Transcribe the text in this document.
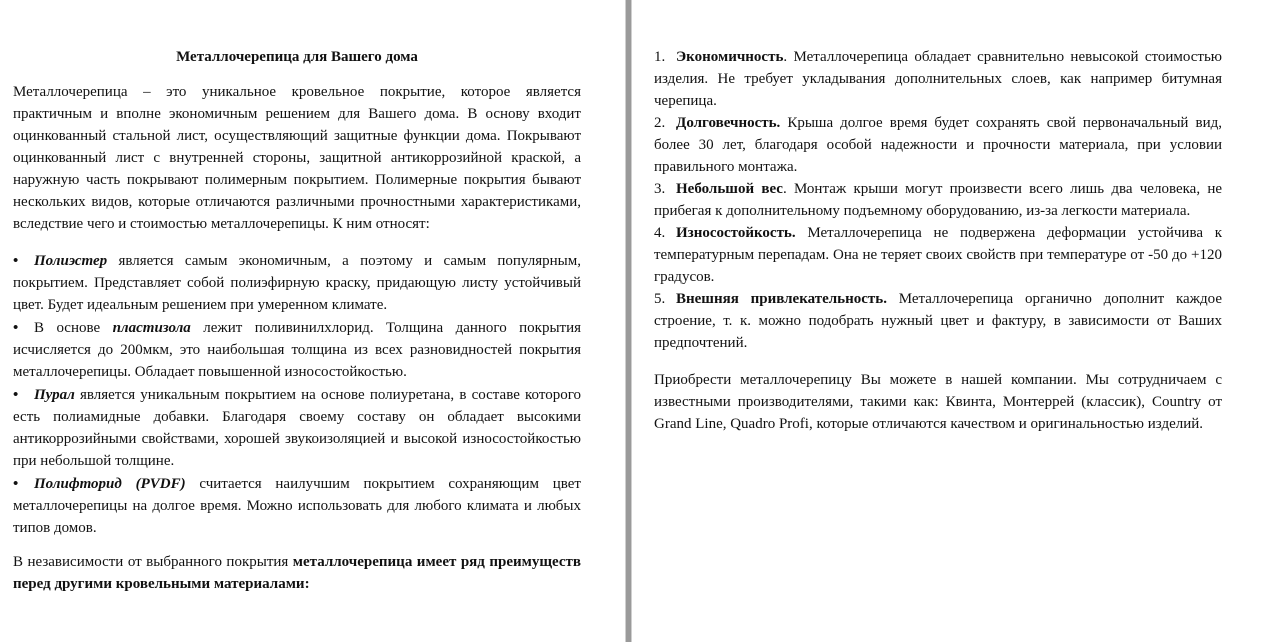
Металлочерепица для Вашего дома

Металлочерепица – это уникальное кровельное покрытие, которое является практичным и вполне экономичным решением для Вашего дома. В основу входит оцинкованный стальной лист, осуществляющий защитные функции дома. Покрывают оцинкованный лист с внутренней стороны, защитной антикоррозийной краской, а наружную часть покрывают полимерным покрытием. Полимерные покрытия бывают нескольких видов, которые отличаются различными прочностными характеристиками, вследствие чего и стоимостью металлочерепицы. К ним относят:

• Полиэстер является самым экономичным, а поэтому и самым популярным, покрытием. Представляет собой полиэфирную краску, придающую листу устойчивый цвет. Будет идеальным решением при умеренном климате.
• В основе пластизола лежит поливинилхлорид. Толщина данного покрытия исчисляется до 200мкм, это наибольшая толщина из всех разновидностей покрытия металлочерепицы. Обладает повышенной износостойкостью.
• Пурал является уникальным покрытием на основе полиуретана, в составе которого есть полиамидные добавки. Благодаря своему составу он обладает высокими антикоррозийными свойствами, хорошей звукоизоляцией и высокой износостойкостью при небольшой толщине.
• Полифторид (PVDF) считается наилучшим покрытием сохраняющим цвет металлочерепицы на долгое время. Можно использовать для любого климата и любых типов домов.

В независимости от выбранного покрытия металлочерепица имеет ряд преимуществ перед другими кровельными материалами:

1. Экономичность. Металлочерепица обладает сравнительно невысокой стоимостью изделия. Не требует укладывания дополнительных слоев, как например битумная черепица.

2. Долговечность. Крыша долгое время будет сохранять свой первоначальный вид, более 30 лет, благодаря особой надежности и прочности материала, при условии правильного монтажа.

3. Небольшой вес. Монтаж крыши могут произвести всего лишь два человека, не прибегая к дополнительному подъемному оборудованию, из-за легкости материала.

4. Износостойкость. Металлочерепица не подвержена деформации устойчива к температурным перепадам. Она не теряет своих свойств при температуре от -50 до +120 градусов.

5. Внешняя привлекательность. Металлочерепица органично дополнит каждое строение, т. к. можно подобрать нужный цвет и фактуру, в зависимости от Ваших предпочтений.

Приобрести металлочерепицу Вы можете в нашей компании. Мы сотрудничаем с известными производителями, такими как: Квинта, Монтеррей (классик), Country от Grand Line, Quadro Profi, которые отличаются качеством и оригинальностью изделий.
